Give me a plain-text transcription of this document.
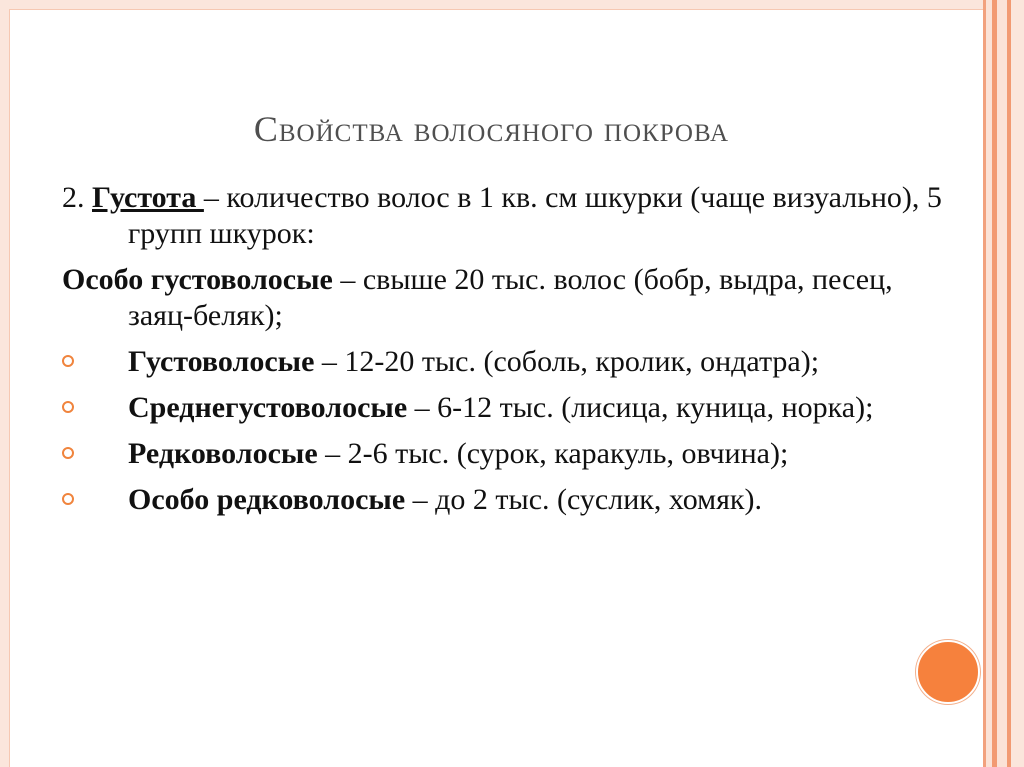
Свойства волосяного покрова

2. Густота – количество волос в 1 кв. см шкурки (чаще визуально), 5 групп шкурок:

Особо густоволосые – свыше 20 тыс. волос (бобр, выдра, песец, заяц-беляк);

Густоволосые – 12-20 тыс. (соболь, кролик, ондатра);
Среднегустоволосые – 6-12 тыс. (лисица, куница, норка);
Редковолосые – 2-6 тыс. (сурок, каракуль, овчина);
Особо редковолосые – до 2 тыс. (суслик, хомяк).
